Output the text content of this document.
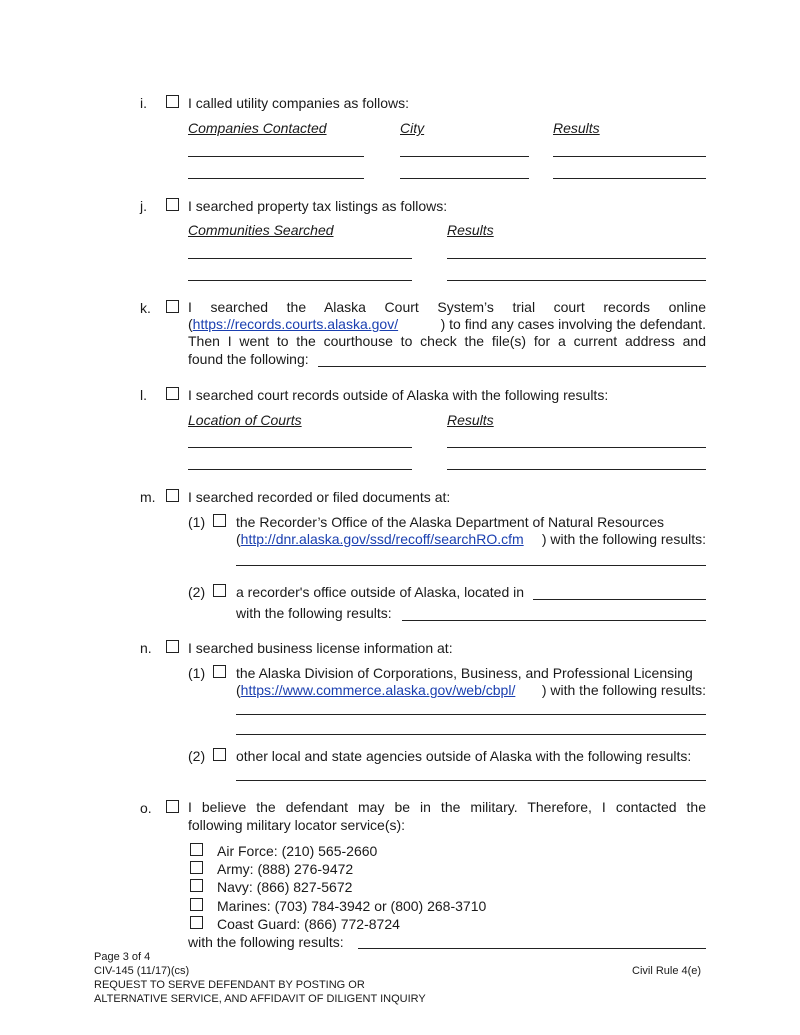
i.	I called utility companies as follows:
Companies Contacted	City	Results
j.	I searched property tax listings as follows:
Communities Searched	Results
k.	I searched the Alaska Court System’s trial court records online
( https://records.courts.alaska.gov/	) to find any cases involving the defendant.
Then I went to the courthouse to check the file(s) for a current address and
found the following:
l.	I searched court records outside of Alaska with the following results:
Location of Courts	Results
m. I searched recorded or filed documents at:
(1) the Recorder’s Office of the Alaska Department of Natural Resources
( http://dnr.alaska.gov/ssd/recoff/searchRO.cfm	) with the following results:
(2) a recorder's office outside of Alaska, located in
with the following results:
n.	I searched business license information at:
(1) the Alaska Division of Corporations, Business, and Professional Licensing
( https://www.commerce.alaska.gov/web/cbpl/	) with the following results:
(2) other local and state agencies outside of Alaska with the following results:
o.	I believe the defendant may be in the military. Therefore, I contacted the
following military locator service(s):
Air Force: (210) 565-2660
Army: (888) 276-9472
Navy: (866) 827-5672
Marines: (703) 784-3942 or (800) 268-3710
Coast Guard: (866) 772-8724
with the following results:
Page 3 of 4
CIV-145 (11/17)(cs)
REQUEST TO SERVE DEFENDANT BY POSTING OR
ALTERNATIVE SERVICE, AND AFFIDAVIT OF DILIGENT INQUIRY
Civil Rule 4(e)
